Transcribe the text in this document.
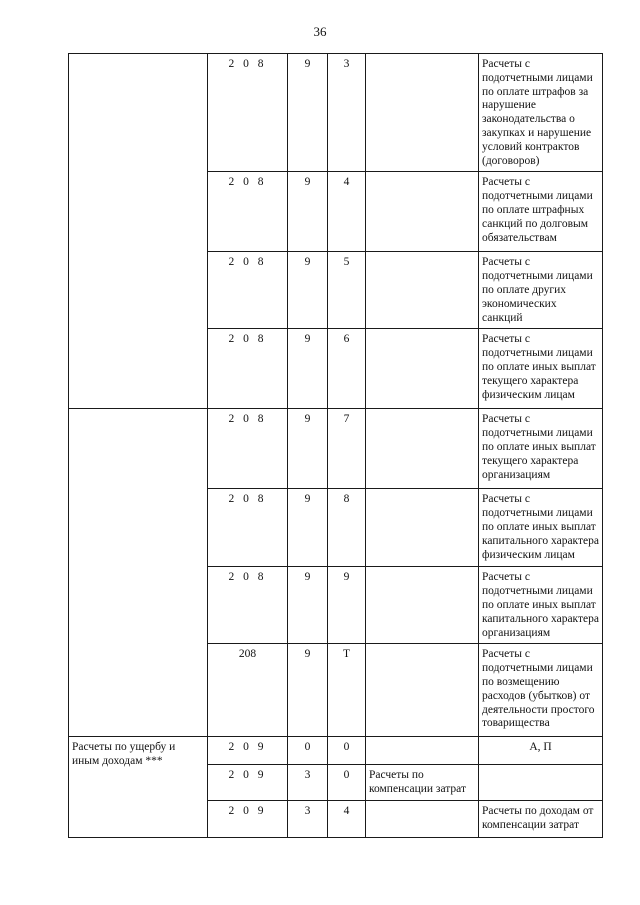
36
	2 0 8	9	3		Расчеты с подотчетными лицами по оплате штрафов за нарушение законодательства о закупках и нарушение условий контрактов (договоров)
	2 0 8	9	4		Расчеты с подотчетными лицами по оплате штрафных санкций по долговым обязательствам
	2 0 8	9	5		Расчеты с подотчетными лицами по оплате других экономических санкций
	2 0 8	9	6		Расчеты с подотчетными лицами по оплате иных выплат текущего характера физическим лицам
	2 0 8	9	7		Расчеты с подотчетными лицами по оплате иных выплат текущего характера организациям
	2 0 8	9	8		Расчеты с подотчетными лицами по оплате иных выплат капитального характера физическим лицам
	2 0 8	9	9		Расчеты с подотчетными лицами по оплате иных выплат капитального характера организациям
	208	9	Т		Расчеты с подотчетными лицами по возмещению расходов (убытков) от деятельности простого товарищества
Расчеты по ущербу и иным доходам ***	2 0 9	0	0		А, П
	2 0 9	3	0	Расчеты по компенсации затрат	
	2 0 9	3	4		Расчеты по доходам от компенсации затрат
